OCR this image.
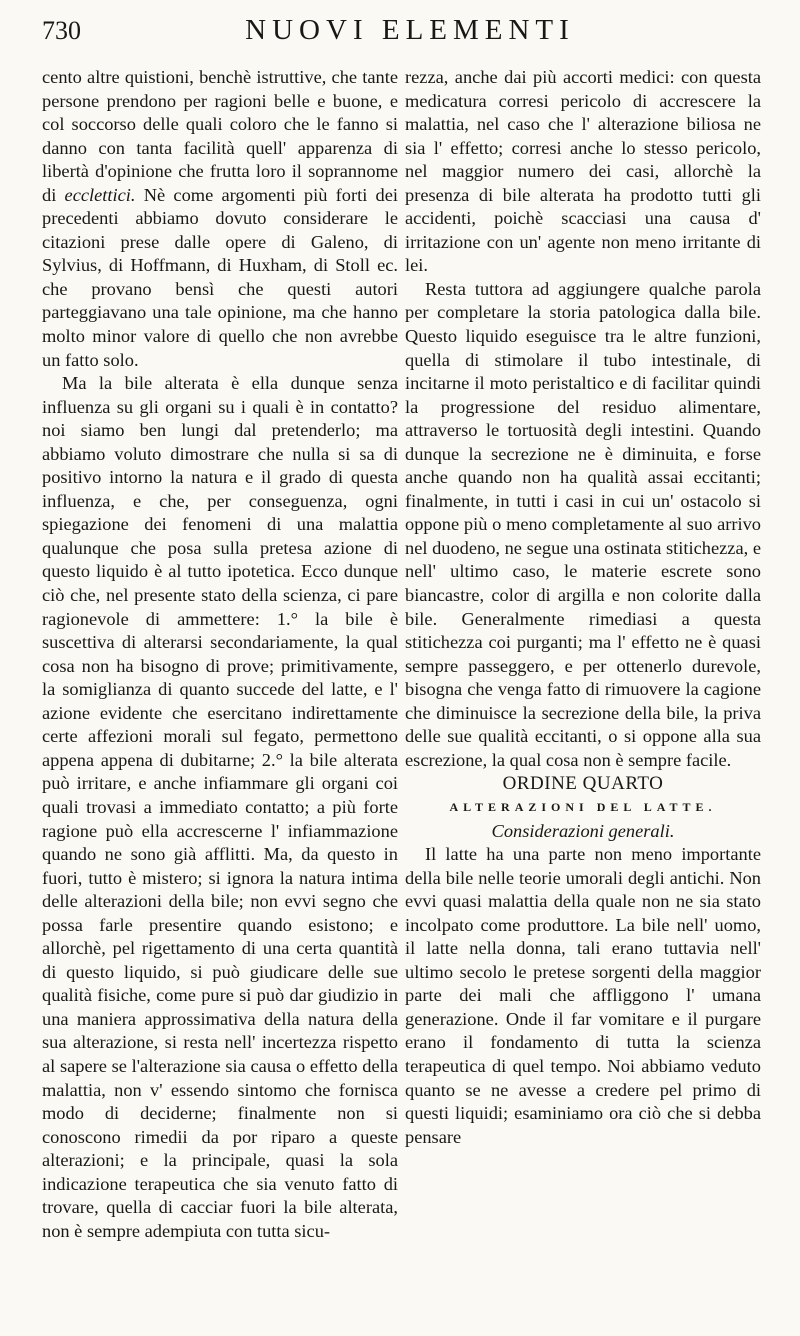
730	NUOVI ELEMENTI

cento altre quistioni, benchè istruttive, che tante persone prendono per ragioni belle e buone, e col soccorso delle quali coloro che le fanno si danno con tanta facilità quell' apparenza di libertà d'opinione che frutta loro il soprannome di ecclettici. Nè come argomenti più forti dei precedenti abbiamo dovuto considerare le citazioni prese dalle opere di Galeno, di Sylvius, di Hoffmann, di Huxham, di Stoll ec. che provano bensì che questi autori parteggiavano una tale opinione, ma che hanno molto minor valore di quello che non avrebbe un fatto solo.

Ma la bile alterata è ella dunque senza influenza su gli organi su i quali è in contatto? noi siamo ben lungi dal pretenderlo; ma abbiamo voluto dimostrare che nulla si sa di positivo intorno la natura e il grado di questa influenza, e che, per conseguenza, ogni spiegazione dei fenomeni di una malattia qualunque che posa sulla pretesa azione di questo liquido è al tutto ipotetica. Ecco dunque ciò che, nel presente stato della scienza, ci pare ragionevole di ammettere: 1.° la bile è suscettiva di alterarsi secondariamente, la qual cosa non ha bisogno di prove; primitivamente, la somiglianza di quanto succede del latte, e l' azione evidente che esercitano indirettamente certe affezioni morali sul fegato, permettono appena appena di dubitarne; 2.° la bile alterata può irritare, e anche infiammare gli organi coi quali trovasi a immediato contatto; a più forte ragione può ella accrescerne l' infiammazione quando ne sono già afflitti. Ma, da questo in fuori, tutto è mistero; si ignora la natura intima delle alterazioni della bile; non evvi segno che possa farle presentire quando esistono; e allorchè, pel rigettamento di una certa quantità di questo liquido, si può giudicare delle sue qualità fisiche, come pure si può dar giudizio in una maniera approssimativa della natura della sua alterazione, si resta nell' incertezza rispetto al sapere se l'alterazione sia causa o effetto della malattia, non v' essendo sintomo che fornisca modo di deciderne; finalmente non si conoscono rimedii da por riparo a queste alterazioni; e la principale, quasi la sola indicazione terapeutica che sia venuto fatto di trovare, quella di cacciar fuori la bile alterata, non è sempre adempiuta con tutta sicu-

rezza, anche dai più accorti medici: con questa medicatura corresi pericolo di accrescere la malattia, nel caso che l' alterazione biliosa ne sia l' effetto; corresi anche lo stesso pericolo, nel maggior numero dei casi, allorchè la presenza di bile alterata ha prodotto tutti gli accidenti, poichè scacciasi una causa d' irritazione con un' agente non meno irritante di lei.

Resta tuttora ad aggiungere qualche parola per completare la storia patologica dalla bile. Questo liquido eseguisce tra le altre funzioni, quella di stimolare il tubo intestinale, di incitarne il moto peristaltico e di facilitar quindi la progressione del residuo alimentare, attraverso le tortuosità degli intestini. Quando dunque la secrezione ne è diminuita, e forse anche quando non ha qualità assai eccitanti; finalmente, in tutti i casi in cui un' ostacolo si oppone più o meno completamente al suo arrivo nel duodeno, ne segue una ostinata stitichezza, e nell' ultimo caso, le materie escrete sono biancastre, color di argilla e non colorite dalla bile. Generalmente rimediasi a questa stitichezza coi purganti; ma l' effetto ne è quasi sempre passeggero, e per ottenerlo durevole, bisogna che venga fatto di rimuovere la cagione che diminuisce la secrezione della bile, la priva delle sue qualità eccitanti, o si oppone alla sua escrezione, la qual cosa non è sempre facile.

ORDINE QUARTO

ALTERAZIONI DEL LATTE.

Considerazioni generali.

Il latte ha una parte non meno importante della bile nelle teorie umorali degli antichi. Non evvi quasi malattia della quale non ne sia stato incolpato come produttore. La bile nell' uomo, il latte nella donna, tali erano tuttavia nell' ultimo secolo le pretese sorgenti della maggior parte dei mali che affliggono l' umana generazione. Onde il far vomitare e il purgare erano il fondamento di tutta la scienza terapeutica di quel tempo. Noi abbiamo veduto quanto se ne avesse a credere pel primo di questi liquidi; esaminiamo ora ciò che si debba pensare
